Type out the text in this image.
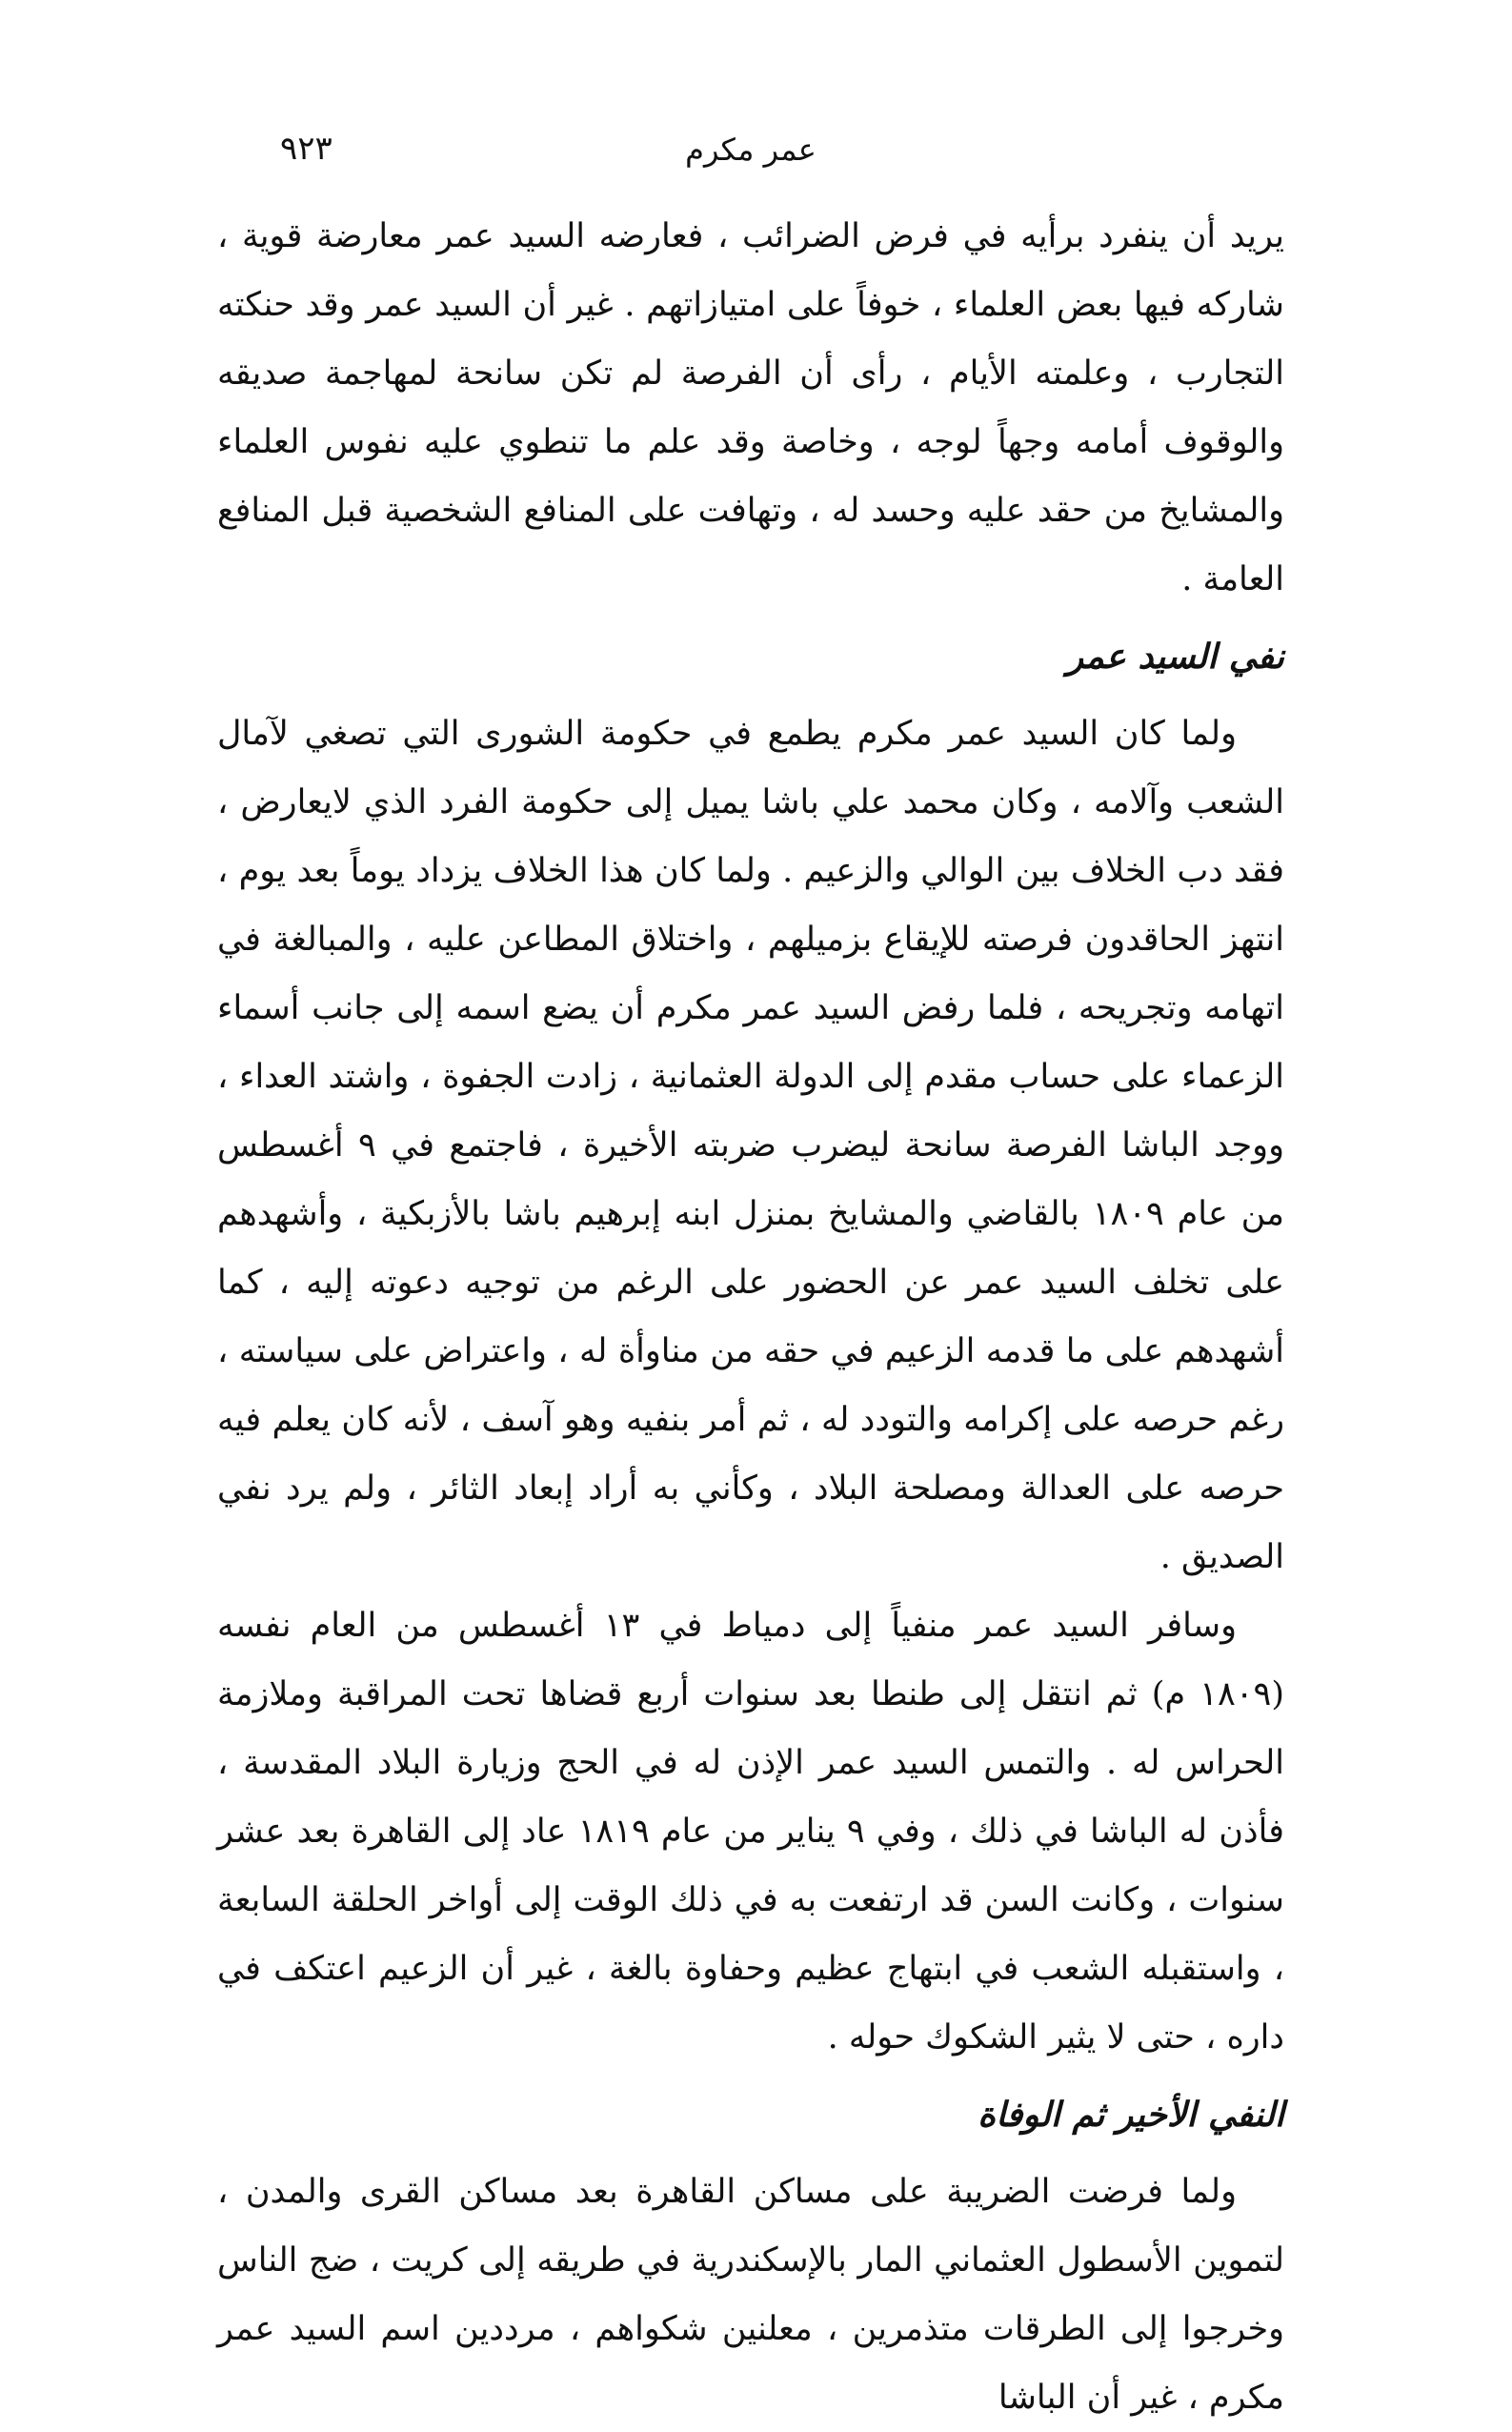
٩٢٣	عمر مكرم

يريد أن ينفرد برأيه في فرض الضرائب ، فعارضه السيد عمر معارضة قوية ، شاركه فيها بعض العلماء ، خوفاً على امتيازاتهم . غير أن السيد عمر وقد حنكته التجارب ، وعلمته الأيام ، رأى أن الفرصة لم تكن سانحة لمهاجمة صديقه والوقوف أمامه وجهاً لوجه ، وخاصة وقد علم ما تنطوي عليه نفوس العلماء والمشايخ من حقد عليه وحسد له ، وتهافت على المنافع الشخصية قبل المنافع العامة .

نفي السيد عمر

ولما كان السيد عمر مكرم يطمع في حكومة الشورى التي تصغي لآمال الشعب وآلامه ، وكان محمد علي باشا يميل إلى حكومة الفرد الذي لايعارض ، فقد دب الخلاف بين الوالي والزعيم . ولما كان هذا الخلاف يزداد يوماً بعد يوم ، انتهز الحاقدون فرصته للإيقاع بزميلهم ، واختلاق المطاعن عليه ، والمبالغة في اتهامه وتجريحه ، فلما رفض السيد عمر مكرم أن يضع اسمه إلى جانب أسماء الزعماء على حساب مقدم إلى الدولة العثمانية ، زادت الجفوة ، واشتد العداء ، ووجد الباشا الفرصة سانحة ليضرب ضربته الأخيرة ، فاجتمع في ٩ أغسطس من عام ١٨٠٩ بالقاضي والمشايخ بمنزل ابنه إبرهيم باشا بالأزبكية ، وأشهدهم على تخلف السيد عمر عن الحضور على الرغم من توجيه دعوته إليه ، كما أشهدهم على ما قدمه الزعيم في حقه من مناوأة له ، واعتراض على سياسته ، رغم حرصه على إكرامه والتودد له ، ثم أمر بنفيه وهو آسف ، لأنه كان يعلم فيه حرصه على العدالة ومصلحة البلاد ، وكأني به أراد إبعاد الثائر ، ولم يرد نفي الصديق .

وسافر السيد عمر منفياً إلى دمياط في ١٣ أغسطس من العام نفسه (١٨٠٩ م) ثم انتقل إلى طنطا بعد سنوات أربع قضاها تحت المراقبة وملازمة الحراس له . والتمس السيد عمر الإذن له في الحج وزيارة البلاد المقدسة ، فأذن له الباشا في ذلك ، وفي ٩ يناير من عام ١٨١٩ عاد إلى القاهرة بعد عشر سنوات ، وكانت السن قد ارتفعت به في ذلك الوقت إلى أواخر الحلقة السابعة ، واستقبله الشعب في ابتهاج عظيم وحفاوة بالغة ، غير أن الزعيم اعتكف في داره ، حتى لا يثير الشكوك حوله .

النفي الأخير ثم الوفاة

ولما فرضت الضريبة على مساكن القاهرة بعد مساكن القرى والمدن ، لتموين الأسطول العثماني المار بالإسكندرية في طريقه إلى كريت ، ضج الناس وخرجوا إلى الطرقات متذمرين ، معلنين شكواهم ، مرددين اسم السيد عمر مكرم ، غير أن الباشا
